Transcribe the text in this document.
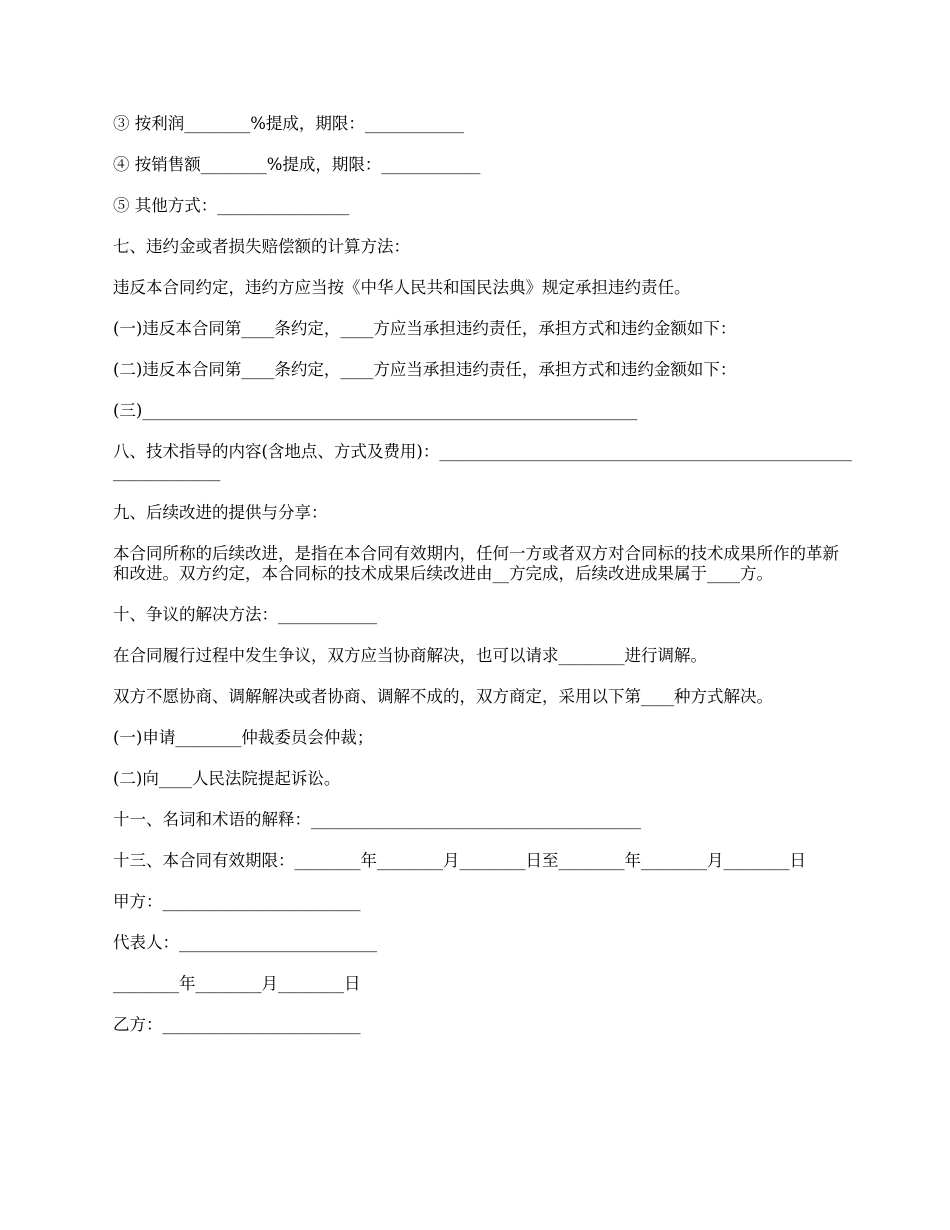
③ 按利润________%提成，期限：____________

④ 按销售额________%提成，期限：____________

⑤ 其他方式：________________

七、违约金或者损失赔偿额的计算方法：

违反本合同约定，违约方应当按《中华人民共和国民法典》规定承担违约责任。

(一)违反本合同第____条约定，____方应当承担违约责任，承担方式和违约金额如下：

(二)违反本合同第____条约定，____方应当承担违约责任，承担方式和违约金额如下：

(三)____________________________________________________________

八、技术指导的内容(含地点、方式及费用)：_______________________________________________________________

九、后续改进的提供与分享：

本合同所称的后续改进，是指在本合同有效期内，任何一方或者双方对合同标的技术成果所作的革新和改进。双方约定，本合同标的技术成果后续改进由__方完成，后续改进成果属于____方。

十、争议的解决方法：____________

在合同履行过程中发生争议，双方应当协商解决，也可以请求________进行调解。

双方不愿协商、调解解决或者协商、调解不成的，双方商定，采用以下第____种方式解决。

(一)申请________仲裁委员会仲裁；

(二)向____人民法院提起诉讼。

十一、名词和术语的解释：________________________________________

十三、本合同有效期限：________年________月________日至________年________月________日

甲方：________________________

代表人：________________________

________年________月________日

乙方：________________________
